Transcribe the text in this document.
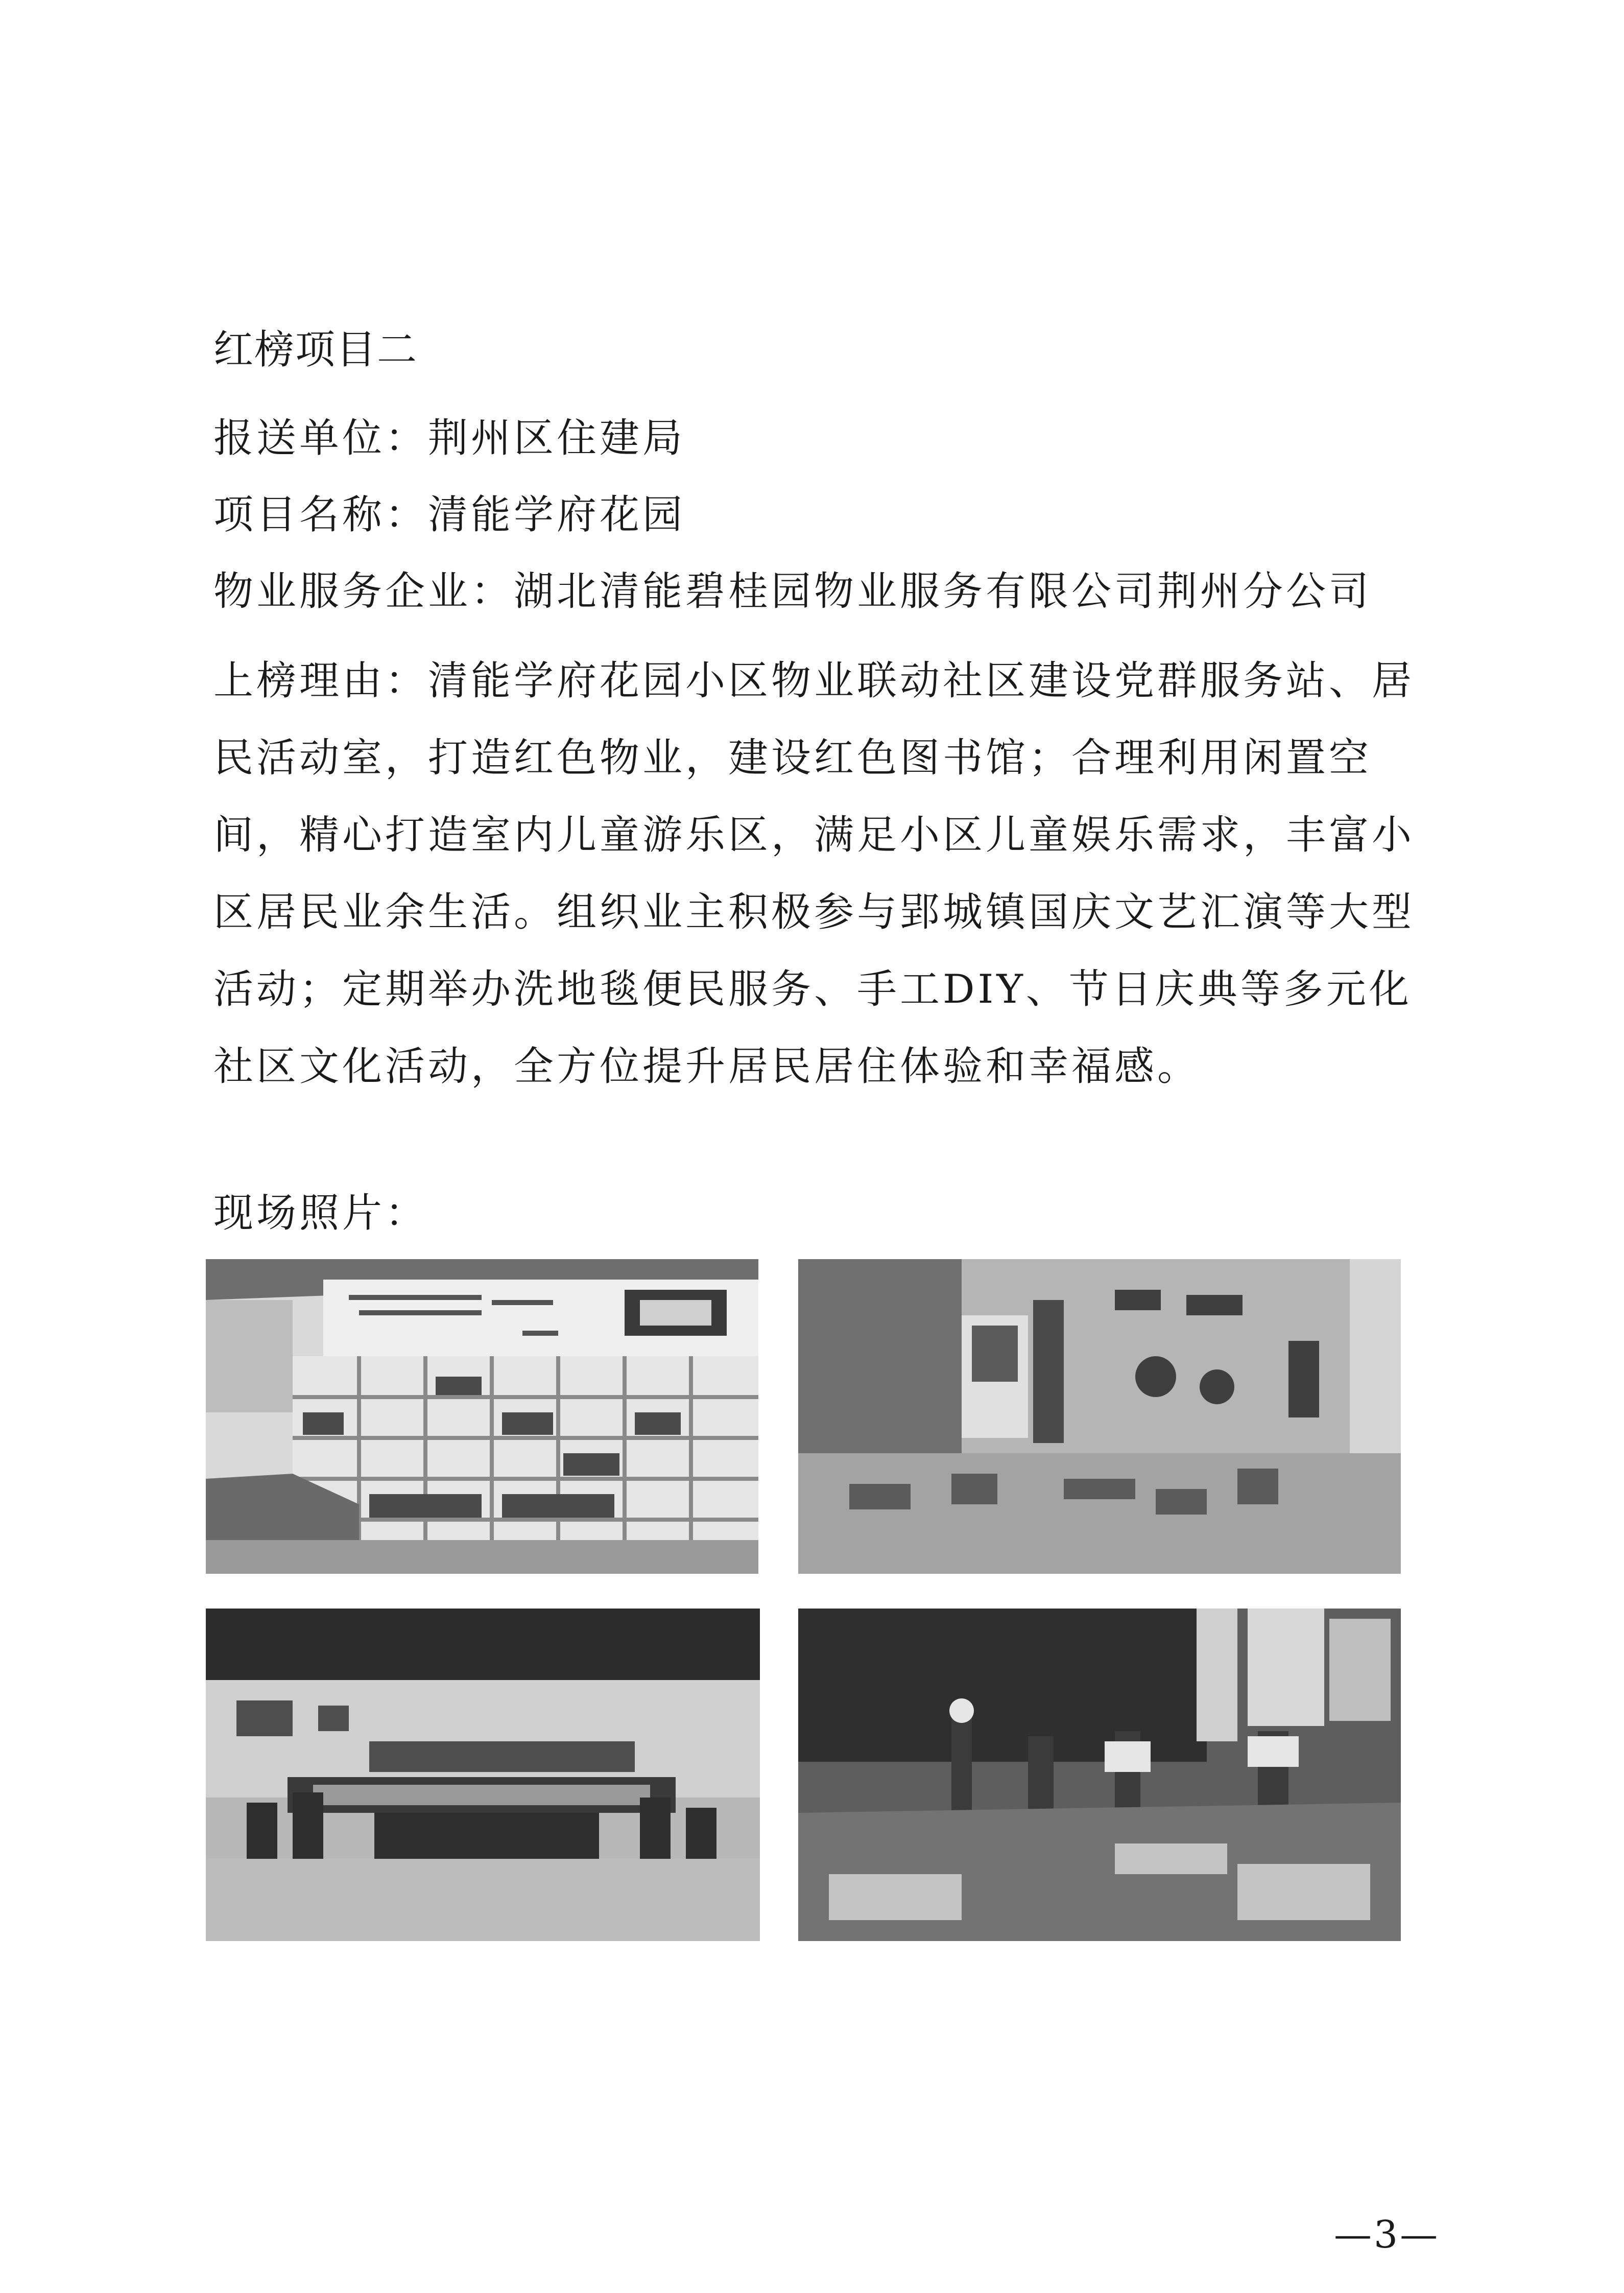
红榜项目二
报送单位：荆州区住建局
项目名称：清能学府花园
物业服务企业：湖北清能碧桂园物业服务有限公司荆州分公司

上榜理由：清能学府花园小区物业联动社区建设党群服务站、居民活动室，打造红色物业，建设红色图书馆；合理利用闲置空间，精心打造室内儿童游乐区，满足小区儿童娱乐需求，丰富小区居民业余生活。组织业主积极参与郢城镇国庆文艺汇演等大型活动；定期举办洗地毯便民服务、手工DIY、节日庆典等多元化社区文化活动，全方位提升居民居住体验和幸福感。

现场照片：
—3—
